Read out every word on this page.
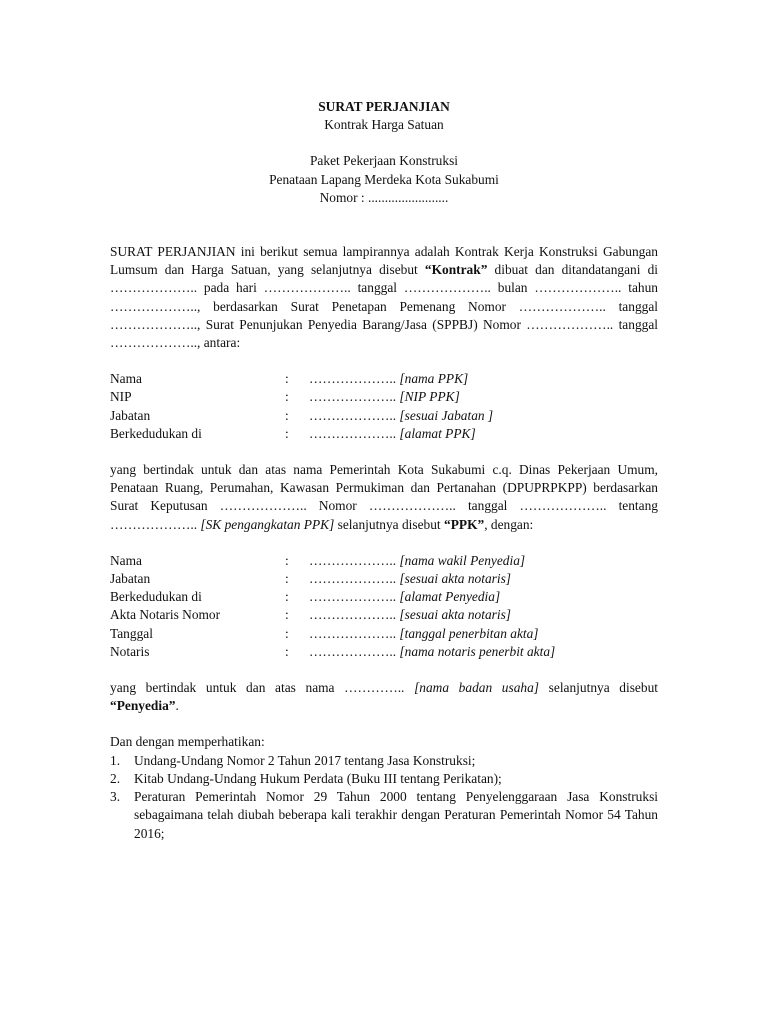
SURAT PERJANJIAN

Kontrak Harga Satuan

Paket Pekerjaan Konstruksi

Penataan Lapang Merdeka Kota Sukabumi

Nomor : ........................

SURAT PERJANJIAN ini berikut semua lampirannya adalah Kontrak Kerja Konstruksi Gabungan Lumsum dan Harga Satuan, yang selanjutnya disebut “Kontrak” dibuat dan ditandatangani di ……………….. pada hari ……………….. tanggal ……………….. bulan ……………….. tahun ……………….., berdasarkan Surat Penetapan Pemenang Nomor ……………….. tanggal ……………….., Surat Penunjukan Penyedia Barang/Jasa (SPPBJ) Nomor ……………….. tanggal ……………….., antara:

Nama	:	……………….. [nama PPK]
NIP	:	……………….. [NIP PPK]
Jabatan	:	……………….. [sesuai Jabatan ]
Berkedudukan di	:	……………….. [alamat PPK]

yang bertindak untuk dan atas nama Pemerintah Kota Sukabumi c.q. Dinas Pekerjaan Umum, Penataan Ruang, Perumahan, Kawasan Permukiman dan Pertanahan (DPUPRPKPP) berdasarkan Surat Keputusan ……………….. Nomor ……………….. tanggal ……………….. tentang ……………….. [SK pengangkatan PPK] selanjutnya disebut “PPK”, dengan:

Nama	:	……………….. [nama wakil Penyedia]
Jabatan	:	……………….. [sesuai akta notaris]
Berkedudukan di	:	……………….. [alamat Penyedia]
Akta Notaris Nomor	:	……………….. [sesuai akta notaris]
Tanggal	:	……………….. [tanggal penerbitan akta]
Notaris	:	……………….. [nama notaris penerbit akta]

yang bertindak untuk dan atas nama ………….. [nama badan usaha] selanjutnya disebut “Penyedia”.

Dan dengan memperhatikan:

1.	Undang-Undang Nomor 2 Tahun 2017 tentang Jasa Konstruksi;
2.	Kitab Undang-Undang Hukum Perdata (Buku III tentang Perikatan);
3.	Peraturan Pemerintah Nomor 29 Tahun 2000 tentang Penyelenggaraan Jasa Konstruksi sebagaimana telah diubah beberapa kali terakhir dengan Peraturan Pemerintah Nomor 54 Tahun 2016;
